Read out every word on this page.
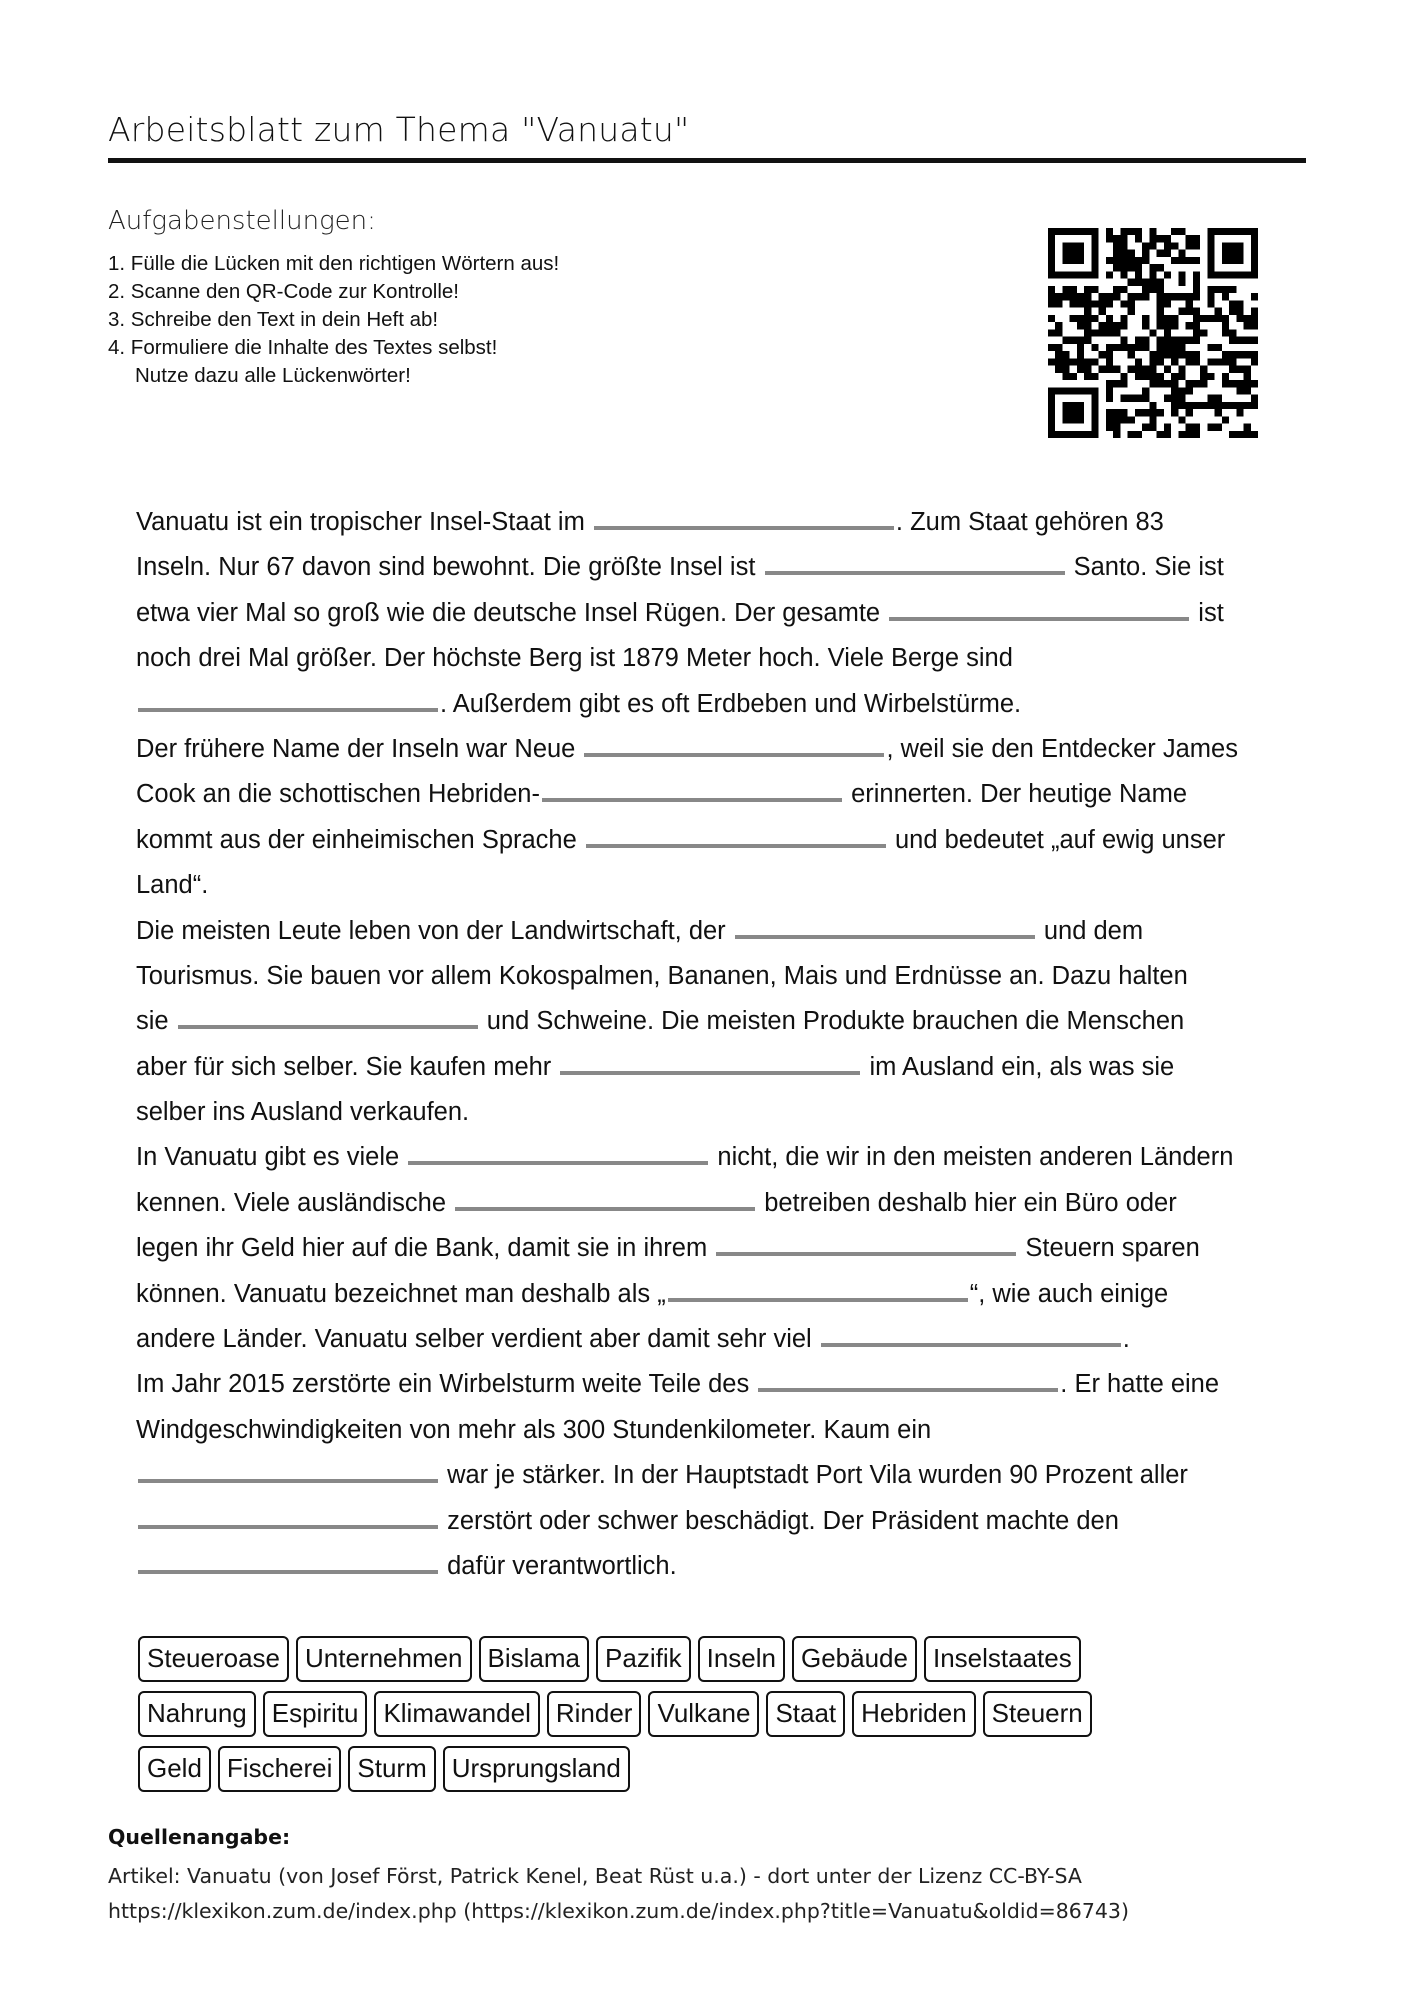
Arbeitsblatt zum Thema "Vanuatu"
Aufgabenstellungen:
1. Fülle die Lücken mit den richtigen Wörtern aus!
2. Scanne den QR-Code zur Kontrolle!
3. Schreibe den Text in dein Heft ab!
4. Formuliere die Inhalte des Textes selbst!
Nutze dazu alle Lückenwörter!
Vanuatu ist ein tropischer Insel-Staat im	. Zum Staat gehören 83
Inseln. Nur 67 davon sind bewohnt. Die größte Insel ist	Santo. Sie ist
etwa vier Mal so groß wie die deutsche Insel Rügen. Der gesamte	ist
noch drei Mal größer. Der höchste Berg ist 1879 Meter hoch. Viele Berge sind
. Außerdem gibt es oft Erdbeben und Wirbelstürme.
Der frühere Name der Inseln war Neue	, weil sie den Entdecker James
Cook an die schottischen Hebriden-	erinnerten. Der heutige Name
kommt aus der einheimischen Sprache	und bedeutet „auf ewig unser
Land“.
Die meisten Leute leben von der Landwirtschaft, der	und dem
Tourismus. Sie bauen vor allem Kokospalmen, Bananen, Mais und Erdnüsse an. Dazu halten
sie	und Schweine. Die meisten Produkte brauchen die Menschen
aber für sich selber. Sie kaufen mehr	im Ausland ein, als was sie
selber ins Ausland verkaufen.
In Vanuatu gibt es viele	nicht, die wir in den meisten anderen Ländern
kennen. Viele ausländische	betreiben deshalb hier ein Büro oder
legen ihr Geld hier auf die Bank, damit sie in ihrem	Steuern sparen
können. Vanuatu bezeichnet man deshalb als „	“, wie auch einige
andere Länder. Vanuatu selber verdient aber damit sehr viel	.
Im Jahr 2015 zerstörte ein Wirbelsturm weite Teile des	. Er hatte eine
Windgeschwindigkeiten von mehr als 300 Stundenkilometer. Kaum ein
war je stärker. In der Hauptstadt Port Vila wurden 90 Prozent aller
zerstört oder schwer beschädigt. Der Präsident machte den
dafür verantwortlich.
Steueroase Unternehmen Bislama Pazifik Inseln Gebäude Inselstaates
Nahrung Espiritu Klimawandel Rinder Vulkane Staat Hebriden Steuern
Geld Fischerei Sturm Ursprungsland

Quellenangabe:

Artikel: Vanuatu (von Josef Först, Patrick Kenel, Beat Rüst u.a.) - dort unter der Lizenz CC-BY-SA

https://klexikon.zum.de/index.php (https://klexikon.zum.de/index.php?title=Vanuatu&oldid=86743)
